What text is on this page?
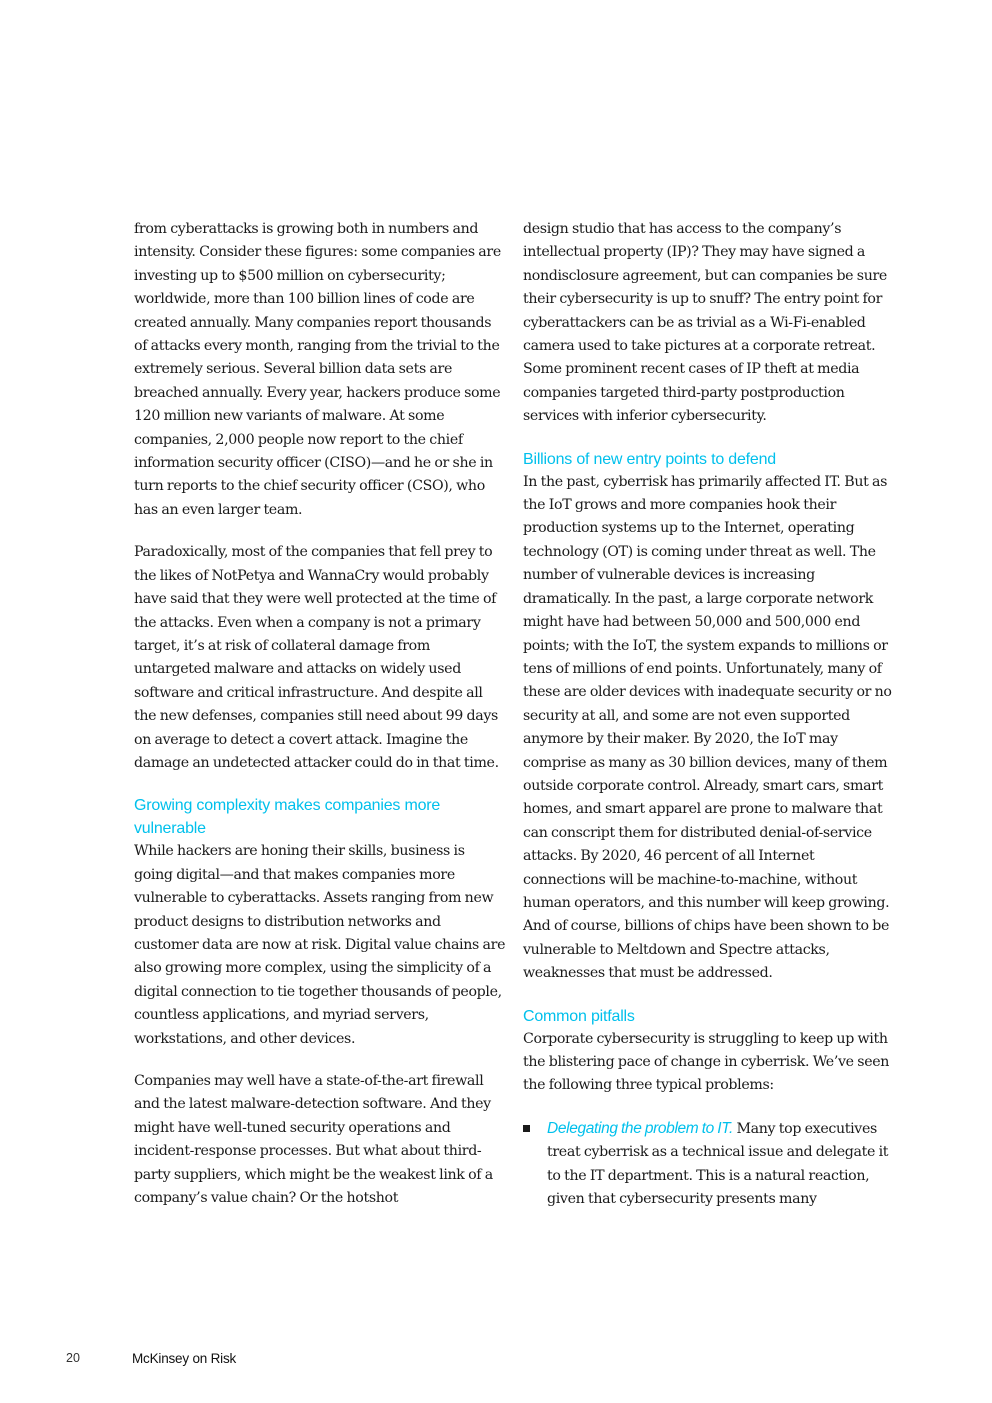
from cyberattacks is growing both in numbers and intensity. Consider these figures: some companies are investing up to $500 million on cybersecurity; worldwide, more than 100 billion lines of code are created annually. Many companies report thousands of attacks every month, ranging from the trivial to the extremely serious. Several billion data sets are breached annually. Every year, hackers produce some 120 million new variants of malware. At some companies, 2,000 people now report to the chief information security officer (CISO)—and he or she in turn reports to the chief security officer (CSO), who has an even larger team.

Paradoxically, most of the companies that fell prey to the likes of NotPetya and WannaCry would probably have said that they were well protected at the time of the attacks. Even when a company is not a primary target, it’s at risk of collateral damage from untargeted malware and attacks on widely used software and critical infrastructure. And despite all the new defenses, companies still need about 99 days on average to detect a covert attack. Imagine the damage an undetected attacker could do in that time.

Growing complexity makes companies more vulnerable

While hackers are honing their skills, business is going digital—and that makes companies more vulnerable to cyberattacks. Assets ranging from new product designs to distribution networks and customer data are now at risk. Digital value chains are also growing more complex, using the simplicity of a digital connection to tie together thousands of people, countless applications, and myriad servers, workstations, and other devices.

Companies may well have a state-of-the-art firewall and the latest malware-detection software. And they might have well-tuned security operations and incident-response processes. But what about third-party suppliers, which might be the weakest link of a company’s value chain? Or the hotshot

design studio that has access to the company’s intellectual property (IP)? They may have signed a nondisclosure agreement, but can companies be sure their cybersecurity is up to snuff? The entry point for cyberattackers can be as trivial as a Wi-Fi-enabled camera used to take pictures at a corporate retreat. Some prominent recent cases of IP theft at media companies targeted third-party postproduction services with inferior cybersecurity.

Billions of new entry points to defend

In the past, cyberrisk has primarily affected IT. But as the IoT grows and more companies hook their production systems up to the Internet, operating technology (OT) is coming under threat as well. The number of vulnerable devices is increasing dramatically. In the past, a large corporate network might have had between 50,000 and 500,000 end points; with the IoT, the system expands to millions or tens of millions of end points. Unfortunately, many of these are older devices with inadequate security or no security at all, and some are not even supported anymore by their maker. By 2020, the IoT may comprise as many as 30 billion devices, many of them outside corporate control. Already, smart cars, smart homes, and smart apparel are prone to malware that can conscript them for distributed denial-of-service attacks. By 2020, 46 percent of all Internet connections will be machine-to-machine, without human operators, and this number will keep growing. And of course, billions of chips have been shown to be vulnerable to Meltdown and Spectre attacks, weaknesses that must be addressed.

Common pitfalls

Corporate cybersecurity is struggling to keep up with the blistering pace of change in cyberrisk. We’ve seen the following three typical problems:

Delegating the problem to IT. Many top executives treat cyberrisk as a technical issue and delegate it to the IT department. This is a natural reaction, given that cybersecurity presents many
20	McKinsey on Risk
